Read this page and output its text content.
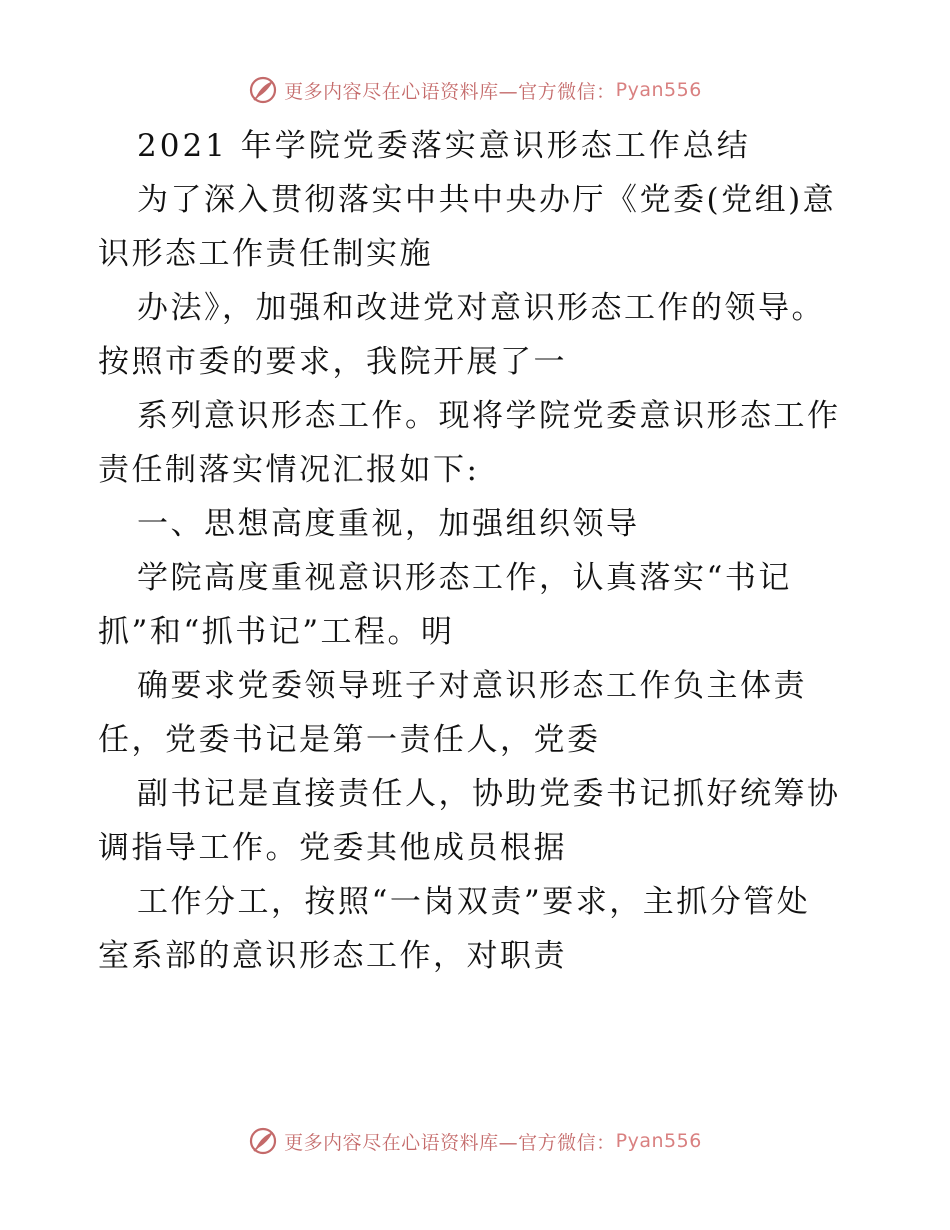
更多内容尽在心语资料库—官方微信： Pyan556
2021 年学院党委落实意识形态工作总结
为了深入贯彻落实中共中央办厅《党委(党组)意
识形态工作责任制实施
办法》，加强和改进党对意识形态工作的领导。
按照市委的要求，我院开展了一
系列意识形态工作。现将学院党委意识形态工作
责任制落实情况汇报如下:
一、思想高度重视，加强组织领导
学院高度重视意识形态工作，认真落实“书记
抓”和“抓书记”工程。明
确要求党委领导班子对意识形态工作负主体责
任，党委书记是第一责任人，党委
副书记是直接责任人，协助党委书记抓好统筹协
调指导工作。党委其他成员根据
工作分工，按照“一岗双责”要求，主抓分管处
室系部的意识形态工作，对职责
更多内容尽在心语资料库—官方微信： Pyan556
